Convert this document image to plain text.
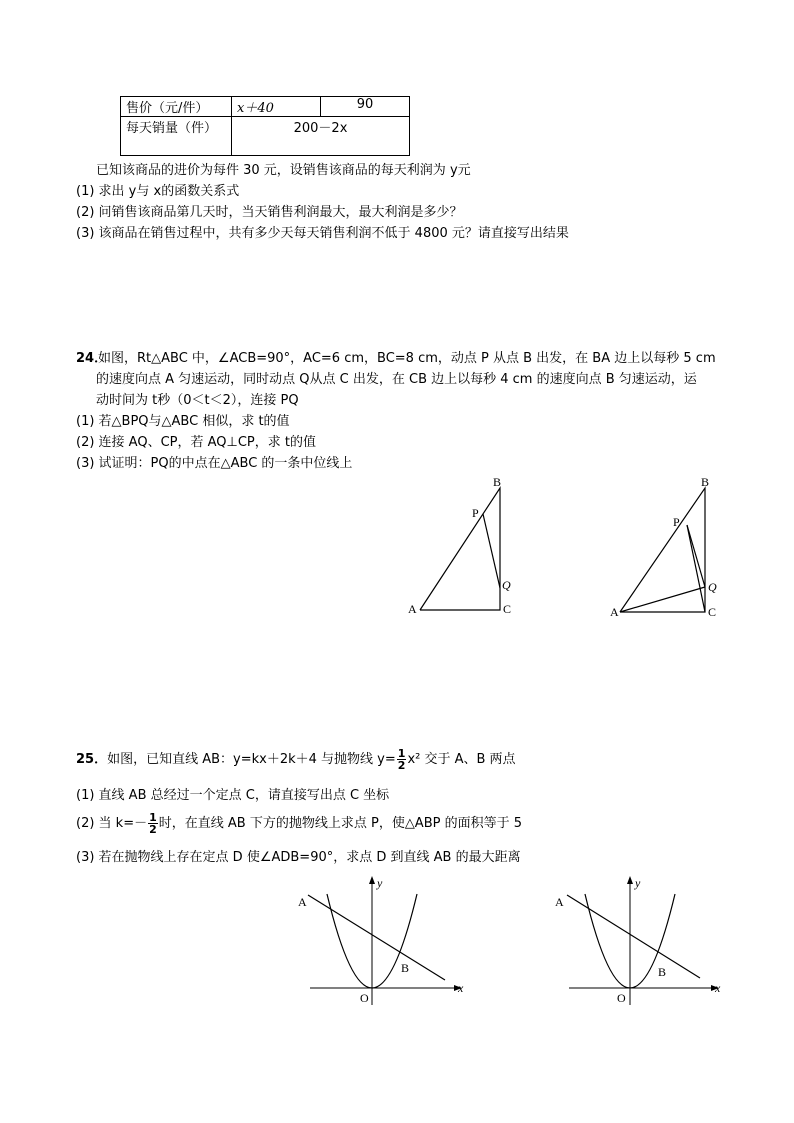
售价（元/件）	x＋40	90
每天销量（件）	200－2x	
已知该商品的进价为每件 30 元，设销售该商品的每天利润为 y元
(1) 求出 y与 x的函数关系式
(2) 问销售该商品第几天时，当天销售利润最大，最大利润是多少？
(3) 该商品在销售过程中，共有多少天每天销售利润不低于 4800 元？请直接写出结果
24．
如图，Rt△ABC 中，∠ACB=90°，AC=6 cm，BC=8 cm，动点 P 从点 B 出发，在 BA 边上以每秒 5 cm
的速度向点 A 匀速运动，同时动点 Q从点 C 出发，在 CB 边上以每秒 4 cm 的速度向点 B 匀速运动，运
动时间为 t秒（0＜t＜2），连接 PQ
(1) 若△BPQ与△ABC 相似，求 t的值
(2) 连接 AQ、CP，若 AQ⊥CP，求 t的值
(3) 试证明：PQ的中点在△ABC 的一条中位线上
B
P
Q
A	C
B
P
Q
A	C
25．如图，已知直线 AB：y=kx＋2k＋4 与抛物线 $y= \frac{1}{2} x^2$ 交于 A、B 两点
(1) 直线 AB 总经过一个定点 C，请直接写出点 C 坐标
(2) 当 $k=- \frac{1}{2}$ 时，在直线 AB 下方的抛物线上求点 P，使△ABP 的面积等于 5
(3) 若在抛物线上存在定点 D 使∠ADB=90°，求点 D 到直线 AB 的最大距离
A
B
O
x
y
A
B
O
x
y
